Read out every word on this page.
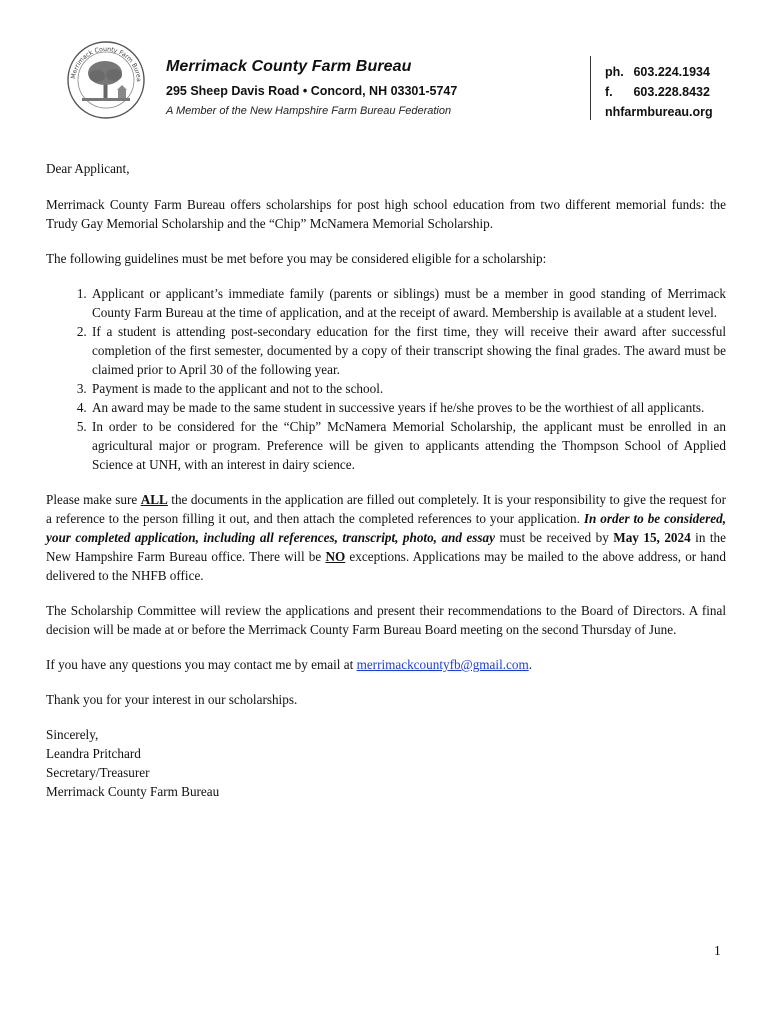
Merrimack County Farm Burea
Merrimack County Farm Bureau
295 Sheep Davis Road • Concord, NH 03301-5747
A Member of the New Hampshire Farm Bureau Federation
ph. 603.224.1934
f. 603.228.8432
nhfarmbureau.org

Dear Applicant,

Merrimack County Farm Bureau offers scholarships for post high school education from two different memorial funds: the Trudy Gay Memorial Scholarship and the “Chip” McNamera Memorial Scholarship.

The following guidelines must be met before you may be considered eligible for a scholarship:

1. Applicant or applicant’s immediate family (parents or siblings) must be a member in good standing of Merrimack County Farm Bureau at the time of application, and at the receipt of award. Membership is available at a student level.
2. If a student is attending post-secondary education for the first time, they will receive their award after successful completion of the first semester, documented by a copy of their transcript showing the final grades. The award must be claimed prior to April 30 of the following year.
3. Payment is made to the applicant and not to the school.
4. An award may be made to the same student in successive years if he/she proves to be the worthiest of all applicants.
5. In order to be considered for the “Chip” McNamera Memorial Scholarship, the applicant must be enrolled in an agricultural major or program. Preference will be given to applicants attending the Thompson School of Applied Science at UNH, with an interest in dairy science.

Please make sure ALL the documents in the application are filled out completely. It is your responsibility to give the request for a reference to the person filling it out, and then attach the completed references to your application. In order to be considered, your completed application, including all references, transcript, photo, and essay must be received by May 15, 2024 in the New Hampshire Farm Bureau office. There will be NO exceptions. Applications may be mailed to the above address, or hand delivered to the NHFB office.

The Scholarship Committee will review the applications and present their recommendations to the Board of Directors. A final decision will be made at or before the Merrimack County Farm Bureau Board meeting on the second Thursday of June.

If you have any questions you may contact me by email at merrimackcountyfb@gmail.com.

Thank you for your interest in our scholarships.

Sincerely,

Leandra Pritchard

Secretary/Treasurer

Merrimack County Farm Bureau

1
